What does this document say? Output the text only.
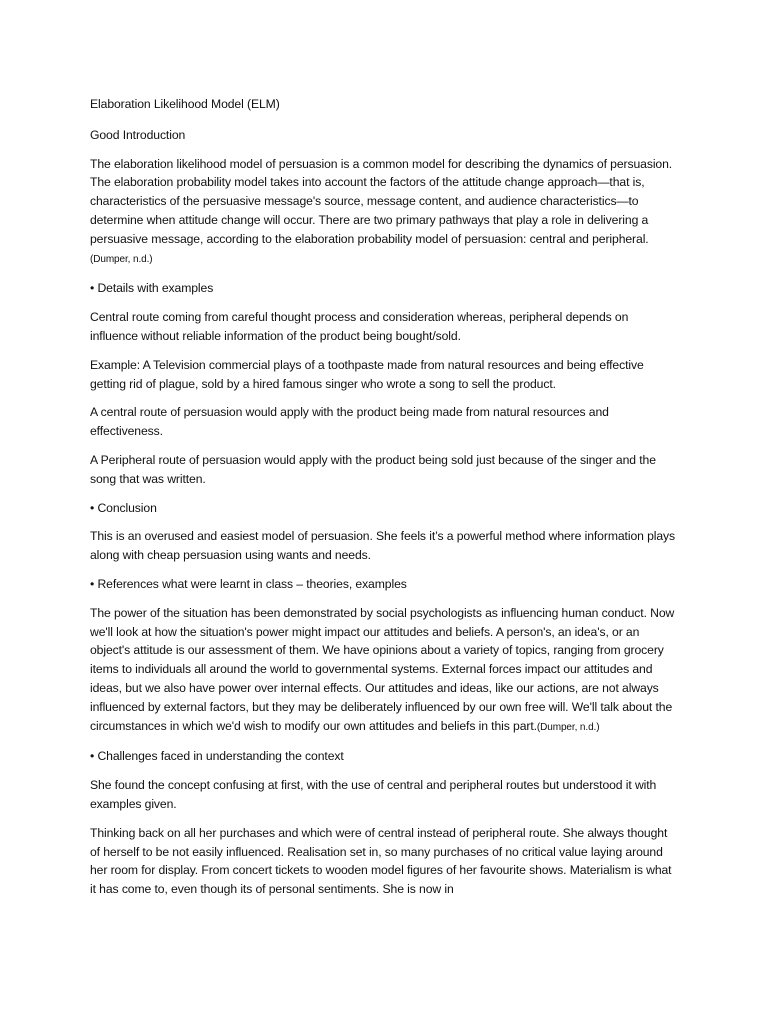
Elaboration Likelihood Model (ELM)

Good Introduction

The elaboration likelihood model of persuasion is a common model for describing the dynamics of persuasion. The elaboration probability model takes into account the factors of the attitude change approach—that is, characteristics of the persuasive message's source, message content, and audience characteristics—to determine when attitude change will occur. There are two primary pathways that play a role in delivering a persuasive message, according to the elaboration probability model of persuasion: central and peripheral.(Dumper, n.d.)

• Details with examples

Central route coming from careful thought process and consideration whereas, peripheral depends on influence without reliable information of the product being bought/sold.

Example: A Television commercial plays of a toothpaste made from natural resources and being effective getting rid of plague, sold by a hired famous singer who wrote a song to sell the product.

A central route of persuasion would apply with the product being made from natural resources and effectiveness.

A Peripheral route of persuasion would apply with the product being sold just because of the singer and the song that was written.

• Conclusion

This is an overused and easiest model of persuasion. She feels it’s a powerful method where information plays along with cheap persuasion using wants and needs.

• References what were learnt in class – theories, examples

The power of the situation has been demonstrated by social psychologists as influencing human conduct. Now we'll look at how the situation's power might impact our attitudes and beliefs. A person's, an idea's, or an object's attitude is our assessment of them. We have opinions about a variety of topics, ranging from grocery items to individuals all around the world to governmental systems. External forces impact our attitudes and ideas, but we also have power over internal effects. Our attitudes and ideas, like our actions, are not always influenced by external factors, but they may be deliberately influenced by our own free will. We'll talk about the circumstances in which we'd wish to modify our own attitudes and beliefs in this part.(Dumper, n.d.)

• Challenges faced in understanding the context

She found the concept confusing at first, with the use of central and peripheral routes but understood it with examples given.

Thinking back on all her purchases and which were of central instead of peripheral route. She always thought of herself to be not easily influenced. Realisation set in, so many purchases of no critical value laying around her room for display. From concert tickets to wooden model figures of her favourite shows. Materialism is what it has come to, even though its of personal sentiments. She is now in
